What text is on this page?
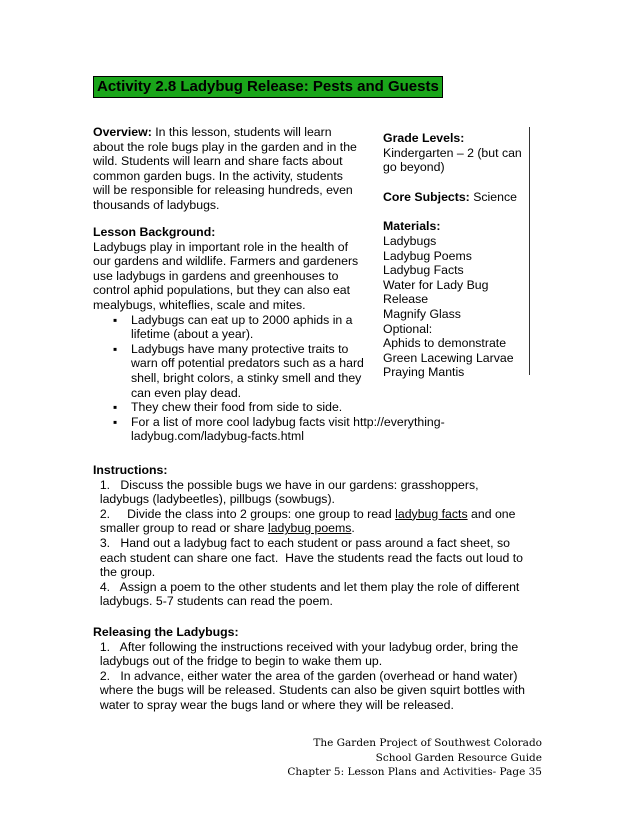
Activity 2.8 Ladybug Release: Pests and Guests
Overview: In this lesson, students will learn
about the role bugs play in the garden and in the
wild. Students will learn and share facts about
common garden bugs. In the activity, students
will be responsible for releasing hundreds, even
thousands of ladybugs.
Lesson Background:
Ladybugs play in important role in the health of
our gardens and wildlife. Farmers and gardeners
use ladybugs in gardens and greenhouses to
control aphid populations, but they can also eat
mealybugs, whiteflies, scale and mites.
▪ Ladybugs can eat up to 2000 aphids in a
lifetime (about a year).
▪ Ladybugs have many protective traits to
warn off potential predators such as a hard
shell, bright colors, a stinky smell and they
can even play dead.
▪ They chew their food from side to side.
▪ For a list of more cool ladybug facts visit http://everything-
ladybug.com/ladybug-facts.html
Grade Levels:
Kindergarten – 2 (but can
go beyond)
Core Subjects: Science
Materials:
Ladybugs
Ladybug Poems
Ladybug Facts
Water for Lady Bug
Release
Magnify Glass
Optional:
Aphids to demonstrate
Green Lacewing Larvae
Praying Mantis

Instructions:

1.   Discuss the possible bugs we have in our gardens: grasshoppers,

ladybugs (ladybeetles), pillbugs (sowbugs).

2.     Divide the class into 2 groups: one group to read ladybug facts and one

smaller group to read or share ladybug poems.

3.   Hand out a ladybug fact to each student or pass around a fact sheet, so

each student can share one fact.  Have the students read the facts out loud to

the group.

4.   Assign a poem to the other students and let them play the role of different

ladybugs. 5-7 students can read the poem.

Releasing the Ladybugs:

1.   After following the instructions received with your ladybug order, bring the

ladybugs out of the fridge to begin to wake them up.

2.   In advance, either water the area of the garden (overhead or hand water)

where the bugs will be released. Students can also be given squirt bottles with

water to spray wear the bugs land or where they will be released.

The Garden Project of Southwest Colorado
School Garden Resource Guide
Chapter 5: Lesson Plans and Activities- Page 35
